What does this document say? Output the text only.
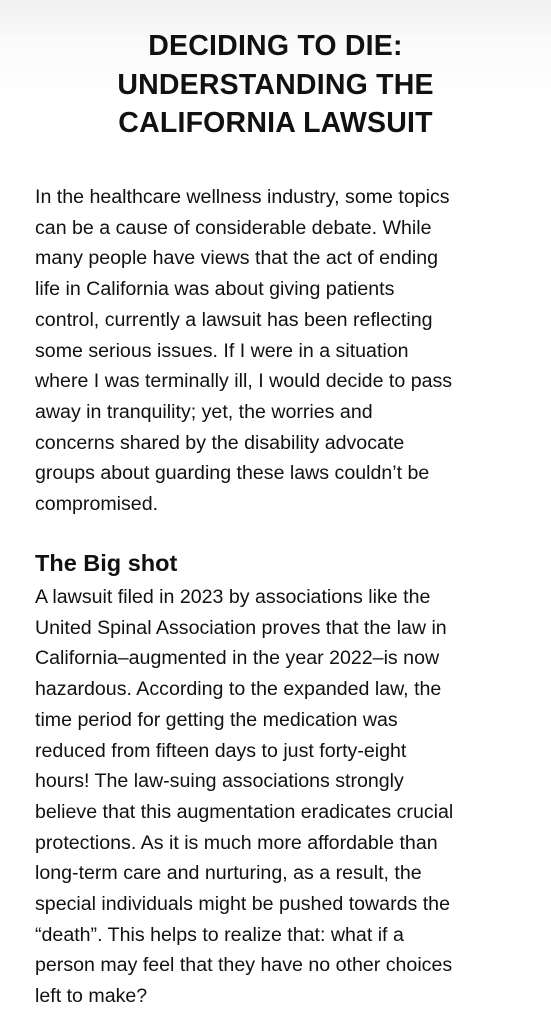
DECIDING TO DIE:
UNDERSTANDING THE
CALIFORNIA LAWSUIT

In the healthcare wellness industry, some topics
can be a cause of considerable debate. While
many people have views that the act of ending
life in California was about giving patients
control, currently a lawsuit has been reflecting
some serious issues. If I were in a situation
where I was terminally ill, I would decide to pass
away in tranquility; yet, the worries and
concerns shared by the disability advocate
groups about guarding these laws couldn’t be
compromised.

The Big shot

A lawsuit filed in 2023 by associations like the
United Spinal Association proves that the law in
California–augmented in the year 2022–is now
hazardous. According to the expanded law, the
time period for getting the medication was
reduced from fifteen days to just forty-eight
hours! The law-suing associations strongly
believe that this augmentation eradicates crucial
protections. As it is much more affordable than
long-term care and nurturing, as a result, the
special individuals might be pushed towards the
“death”. This helps to realize that: what if a
person may feel that they have no other choices
left to make?
